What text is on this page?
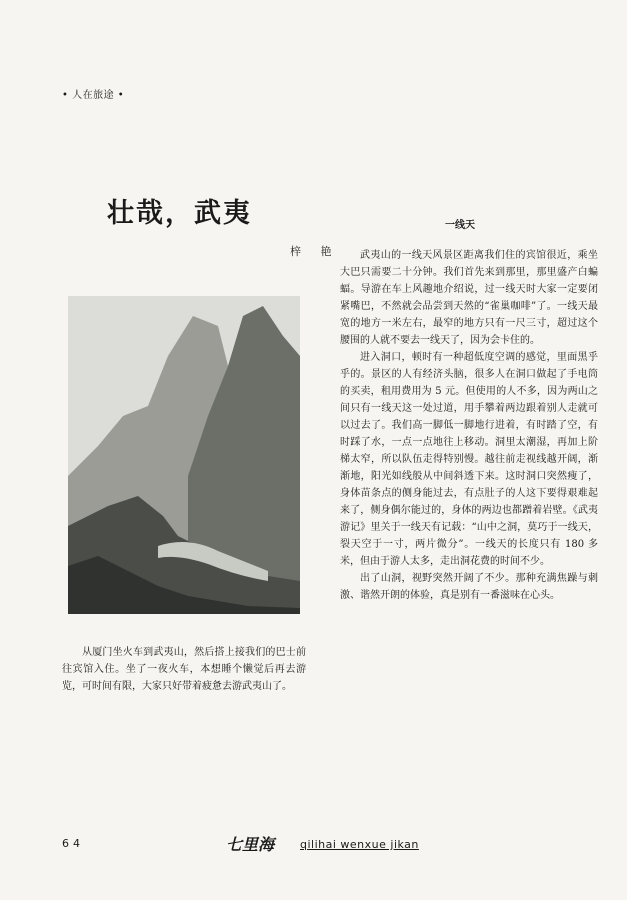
• 人在旅途 •
壮哉，武夷
梓 艳
一线天

从厦门坐火车到武夷山，然后搭上接我们的巴士前往宾馆入住。坐了一夜火车，本想睡个懒觉后再去游览，可时间有限，大家只好带着疲惫去游武夷山了。

武夷山的一线天风景区距离我们住的宾馆很近，乘坐大巴只需要二十分钟。我们首先来到那里，那里盛产白蝙蝠。导游在车上风趣地介绍说，过一线天时大家一定要闭紧嘴巴，不然就会品尝到天然的“雀巢咖啡”了。一线天最宽的地方一米左右，最窄的地方只有一尺三寸，超过这个腰围的人就不要去一线天了，因为会卡住的。

进入洞口，顿时有一种超低度空调的感觉，里面黑乎乎的。景区的人有经济头脑，很多人在洞口做起了手电筒的买卖，租用费用为 5 元。但使用的人不多，因为两山之间只有一线天这一处过道，用手攀着两边跟着别人走就可以过去了。我们高一脚低一脚地行进着，有时踏了空，有时踩了水，一点一点地往上移动。洞里太潮湿，再加上阶梯太窄，所以队伍走得特别慢。越往前走视线越开阔，渐渐地，阳光如线般从中间斜透下来。这时洞口突然瘦了，身体苗条点的侧身能过去，有点肚子的人这下要得艰难起来了，侧身偶尔能过的，身体的两边也都蹭着岩壁。《武夷游记》里关于一线天有记载：“山中之洞，莫巧于一线天，裂天空于一寸，两片微分”。一线天的长度只有 180 多米，但由于游人太多，走出洞花费的时间不少。

出了山洞，视野突然开阔了不少。那种充满焦躁与刺激、谐然开朗的体验，真是别有一番滋味在心头。

64	七里海 qilihai wenxue jikan
